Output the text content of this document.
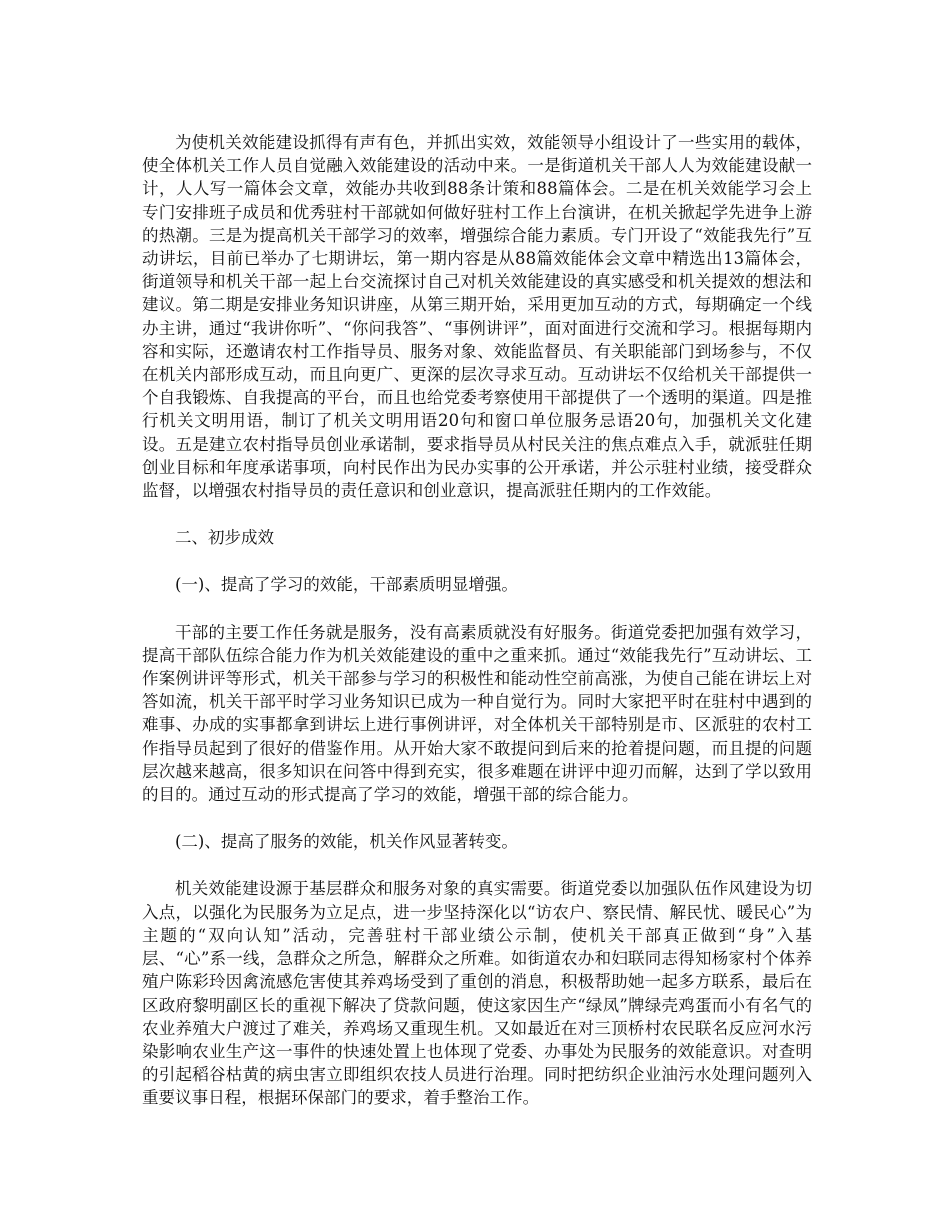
为使机关效能建设抓得有声有色，并抓出实效，效能领导小组设计了一些实用的载体，使全体机关工作人员自觉融入效能建设的活动中来。一是街道机关干部人人为效能建设献一计，人人写一篇体会文章，效能办共收到88条计策和88篇体会。二是在机关效能学习会上专门安排班子成员和优秀驻村干部就如何做好驻村工作上台演讲，在机关掀起学先进争上游的热潮。三是为提高机关干部学习的效率，增强综合能力素质。专门开设了“效能我先行”互动讲坛，目前已举办了七期讲坛，第一期内容是从88篇效能体会文章中精选出13篇体会，街道领导和机关干部一起上台交流探讨自己对机关效能建设的真实感受和机关提效的想法和建议。第二期是安排业务知识讲座，从第三期开始，采用更加互动的方式，每期确定一个线办主讲，通过“我讲你听”、“你问我答”、“事例讲评”，面对面进行交流和学习。根据每期内容和实际，还邀请农村工作指导员、服务对象、效能监督员、有关职能部门到场参与，不仅在机关内部形成互动，而且向更广、更深的层次寻求互动。互动讲坛不仅给机关干部提供一个自我锻炼、自我提高的平台，而且也给党委考察使用干部提供了一个透明的渠道。四是推行机关文明用语，制订了机关文明用语20句和窗口单位服务忌语20句，加强机关文化建设。五是建立农村指导员创业承诺制，要求指导员从村民关注的焦点难点入手，就派驻任期创业目标和年度承诺事项，向村民作出为民办实事的公开承诺，并公示驻村业绩，接受群众监督，以增强农村指导员的责任意识和创业意识，提高派驻任期内的工作效能。

二、初步成效

(一)、提高了学习的效能，干部素质明显增强。

干部的主要工作任务就是服务，没有高素质就没有好服务。街道党委把加强有效学习，提高干部队伍综合能力作为机关效能建设的重中之重来抓。通过“效能我先行”互动讲坛、工作案例讲评等形式，机关干部参与学习的积极性和能动性空前高涨，为使自己能在讲坛上对答如流，机关干部平时学习业务知识已成为一种自觉行为。同时大家把平时在驻村中遇到的难事、办成的实事都拿到讲坛上进行事例讲评，对全体机关干部特别是市、区派驻的农村工作指导员起到了很好的借鉴作用。从开始大家不敢提问到后来的抢着提问题，而且提的问题层次越来越高，很多知识在问答中得到充实，很多难题在讲评中迎刃而解，达到了学以致用的目的。通过互动的形式提高了学习的效能，增强干部的综合能力。

(二)、提高了服务的效能，机关作风显著转变。

机关效能建设源于基层群众和服务对象的真实需要。街道党委以加强队伍作风建设为切入点，以强化为民服务为立足点，进一步坚持深化以“访农户、察民情、解民忧、暖民心”为主题的“双向认知”活动，完善驻村干部业绩公示制，使机关干部真正做到“身”入基层、“心”系一线，急群众之所急，解群众之所难。如街道农办和妇联同志得知杨家村个体养殖户陈彩玲因禽流感危害使其养鸡场受到了重创的消息，积极帮助她一起多方联系，最后在区政府黎明副区长的重视下解决了贷款问题，使这家因生产“绿凤”牌绿壳鸡蛋而小有名气的农业养殖大户渡过了难关，养鸡场又重现生机。又如最近在对三顶桥村农民联名反应河水污染影响农业生产这一事件的快速处置上也体现了党委、办事处为民服务的效能意识。对查明的引起稻谷枯黄的病虫害立即组织农技人员进行治理。同时把纺织企业油污水处理问题列入重要议事日程，根据环保部门的要求，着手整治工作。
